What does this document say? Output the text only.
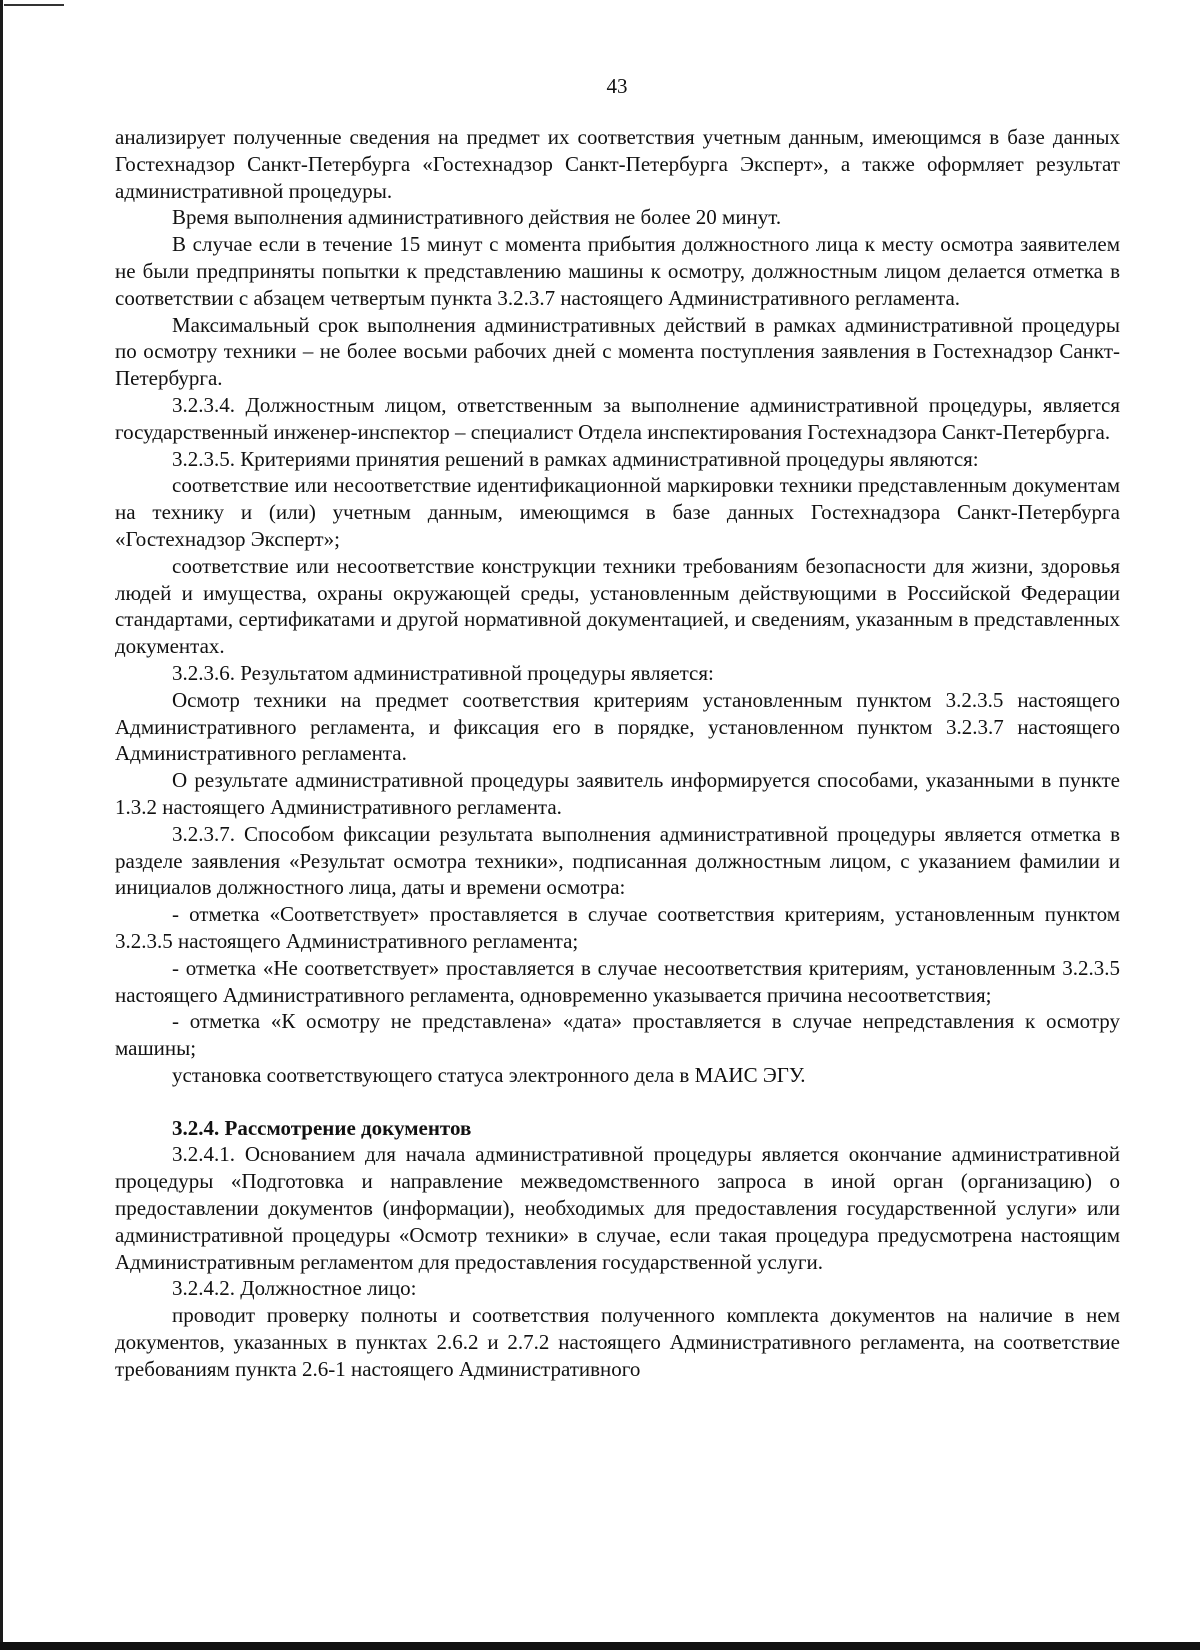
43

анализирует полученные сведения на предмет их соответствия учетным данным, имеющимся в базе данных Гостехнадзор Санкт-Петербурга «Гостехнадзор Санкт-Петербурга Эксперт», а также оформляет результат административной процедуры.

Время выполнения административного действия не более 20 минут.

В случае если в течение 15 минут с момента прибытия должностного лица к месту осмотра заявителем не были предприняты попытки к представлению машины к осмотру, должностным лицом делается отметка в соответствии с абзацем четвертым пункта 3.2.3.7 настоящего Административного регламента.

Максимальный срок выполнения административных действий в рамках административной процедуры по осмотру техники – не более восьми рабочих дней с момента поступления заявления в Гостехнадзор Санкт-Петербурга.

3.2.3.4. Должностным лицом, ответственным за выполнение административной процедуры, является государственный инженер-инспектор – специалист Отдела инспектирования Гостехнадзора Санкт-Петербурга.

3.2.3.5. Критериями принятия решений в рамках административной процедуры являются:

соответствие или несоответствие идентификационной маркировки техники представленным документам на технику и (или) учетным данным, имеющимся в базе данных Гостехнадзора Санкт-Петербурга «Гостехнадзор Эксперт»;

соответствие или несоответствие конструкции техники требованиям безопасности для жизни, здоровья людей и имущества, охраны окружающей среды, установленным действующими в Российской Федерации стандартами, сертификатами и другой нормативной документацией, и сведениям, указанным в представленных документах.

3.2.3.6. Результатом административной процедуры является:

Осмотр техники на предмет соответствия критериям установленным пунктом 3.2.3.5 настоящего Административного регламента, и фиксация его в порядке, установленном пунктом 3.2.3.7 настоящего Административного регламента.

О результате административной процедуры заявитель информируется способами, указанными в пункте 1.3.2 настоящего Административного регламента.

3.2.3.7. Способом фиксации результата выполнения административной процедуры является отметка в разделе заявления «Результат осмотра техники», подписанная должностным лицом, с указанием фамилии и инициалов должностного лица, даты и времени осмотра:

- отметка «Соответствует» проставляется в случае соответствия критериям, установленным пунктом 3.2.3.5 настоящего Административного регламента;

- отметка «Не соответствует» проставляется в случае несоответствия критериям, установленным 3.2.3.5 настоящего Административного регламента, одновременно указывается причина несоответствия;

- отметка «К осмотру не представлена» «дата» проставляется в случае непредставления к осмотру машины;

установка соответствующего статуса электронного дела в МАИС ЭГУ.

3.2.4. Рассмотрение документов

3.2.4.1. Основанием для начала административной процедуры является окончание административной процедуры «Подготовка и направление межведомственного запроса в иной орган (организацию) о предоставлении документов (информации), необходимых для предоставления государственной услуги» или административной процедуры «Осмотр техники» в случае, если такая процедура предусмотрена настоящим Административным регламентом для предоставления государственной услуги.

3.2.4.2. Должностное лицо:

проводит проверку полноты и соответствия полученного комплекта документов на наличие в нем документов, указанных в пунктах 2.6.2 и 2.7.2 настоящего Административного регламента, на соответствие требованиям пункта 2.6-1 настоящего Административного
